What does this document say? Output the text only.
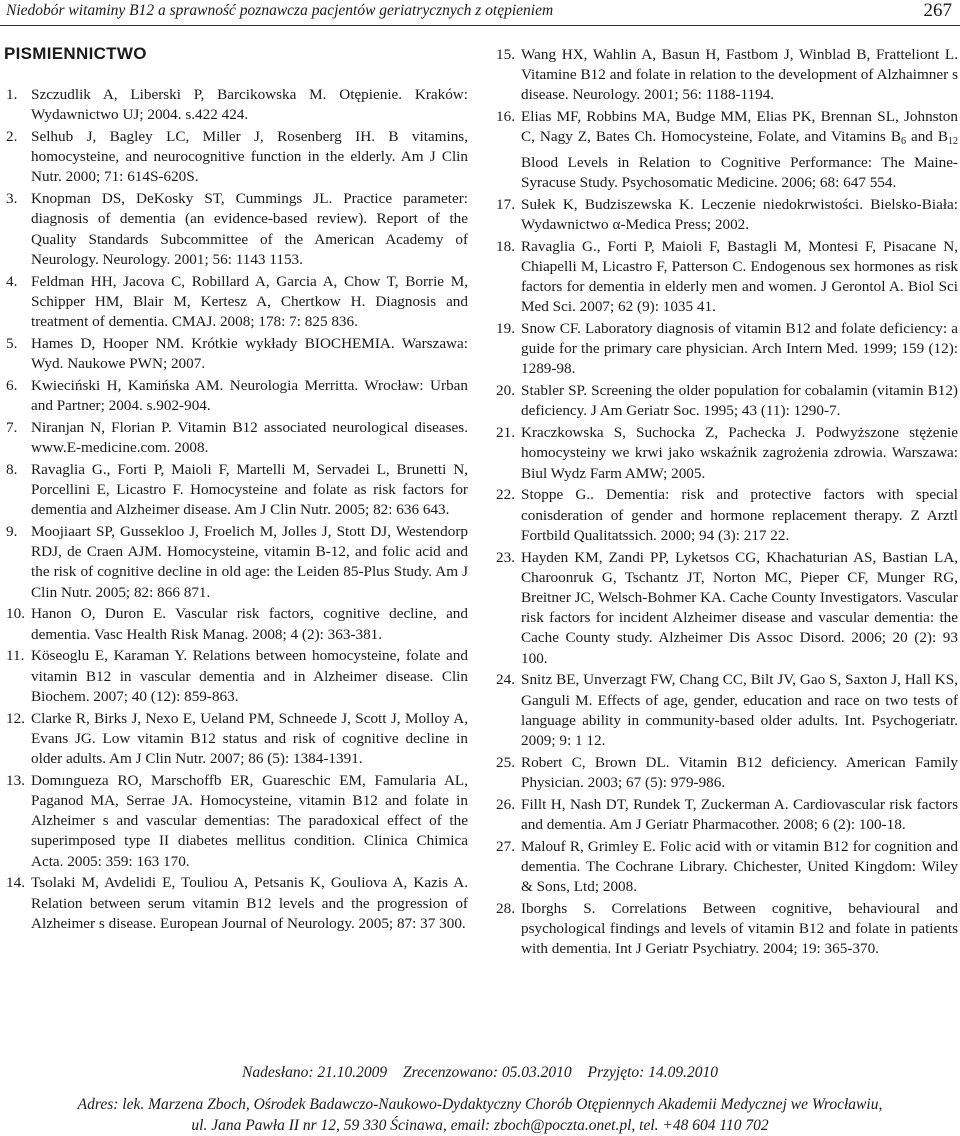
Niedobór witaminy B12 a sprawność poznawcza pacjentów geriatrycznych z otępieniem	267
PISMIENNICTWO
1. Szczudlik A, Liberski P, Barcikowska M. Otępienie. Kraków: Wydawnictwo UJ; 2004. s.422 424.
2. Selhub J, Bagley LC, Miller J, Rosenberg IH. B vitamins, homocysteine, and neurocognitive function in the elderly. Am J Clin Nutr. 2000; 71: 614S-620S.
3. Knopman DS, DeKosky ST, Cummings JL. Practice parameter: diagnosis of dementia (an evidence-based review). Report of the Quality Standards Subcommittee of the American Academy of Neurology. Neurology. 2001; 56: 1143 1153.
4. Feldman HH, Jacova C, Robillard A, Garcia A, Chow T, Borrie M, Schipper HM, Blair M, Kertesz A, Chertkow H. Diagnosis and treatment of dementia. CMAJ. 2008; 178: 7: 825 836.
5. Hames D, Hooper NM. Krótkie wykłady BIOCHEMIA. Warszawa: Wyd. Naukowe PWN; 2007.
6. Kwieciński H, Kamińska AM. Neurologia Merritta. Wrocław: Urban and Partner; 2004. s.902-904.
7. Niranjan N, Florian P. Vitamin B12 associated neurological diseases. www.E-medicine.com. 2008.
8. Ravaglia G., Forti P, Maioli F, Martelli M, Servadei L, Brunetti N, Porcellini E, Licastro F. Homocysteine and folate as risk factors for dementia and Alzheimer disease. Am J Clin Nutr. 2005; 82: 636 643.
9. Moojiaart SP, Gussekloo J, Froelich M, Jolles J, Stott DJ, Westendorp RDJ, de Craen AJM. Homocysteine, vitamin B-12, and folic acid and the risk of cognitive decline in old age: the Leiden 85-Plus Study. Am J Clin Nutr. 2005; 82: 866 871.
10. Hanon O, Duron E. Vascular risk factors, cognitive decline, and dementia. Vasc Health Risk Manag. 2008; 4 (2): 363-381.
11. Köseoglu E, Karaman Y. Relations between homocysteine, folate and vitamin B12 in vascular dementia and in Alzheimer disease. Clin Biochem. 2007; 40 (12): 859-863.
12. Clarke R, Birks J, Nexo E, Ueland PM, Schneede J, Scott J, Molloy A, Evans JG. Low vitamin B12 status and risk of cognitive decline in older adults. Am J Clin Nutr. 2007; 86 (5): 1384-1391.
13. Domıngueza RO, Marschoffb ER, Guareschic EM, Famularia AL, Paganod MA, Serrae JA. Homocysteine, vitamin B12 and folate in Alzheimer s and vascular dementias: The paradoxical effect of the superimposed type II diabetes mellitus condition. Clinica Chimica Acta. 2005: 359: 163 170.
14. Tsolaki M, Avdelidi E, Touliou A, Petsanis K, Gouliova A, Kazis A. Relation between serum vitamin B12 levels and the progression of Alzheimer s disease. European Journal of Neurology. 2005; 87: 37 300.
15. Wang HX, Wahlin A, Basun H, Fastbom J, Winblad B, Fratteliont L. Vitamine B12 and folate in relation to the development of Alzhaimner s disease. Neurology. 2001; 56: 1188-1194.
16. Elias MF, Robbins MA, Budge MM, Elias PK, Brennan SL, Johnston C, Nagy Z, Bates Ch. Homocysteine, Folate, and Vitamins $B_6$ and $B_{12}$ Blood Levels in Relation to Cognitive Performance: The Maine-Syracuse Study. Psychosomatic Medicine. 2006; 68: 647 554.
17. Sułek K, Budziszewska K. Leczenie niedokrwistości. Bielsko-Biała: Wydawnictwo α-Medica Press; 2002.
18. Ravaglia G., Forti P, Maioli F, Bastagli M, Montesi F, Pisacane N, Chiapelli M, Licastro F, Patterson C. Endogenous sex hormones as risk factors for dementia in elderly men and women. J Gerontol A. Biol Sci Med Sci. 2007; 62 (9): 1035 41.
19. Snow CF. Laboratory diagnosis of vitamin B12 and folate deficiency: a guide for the primary care physician. Arch Intern Med. 1999; 159 (12): 1289-98.
20. Stabler SP. Screening the older population for cobalamin (vitamin B12) deficiency. J Am Geriatr Soc. 1995; 43 (11): 1290-7.
21. Kraczkowska S, Suchocka Z, Pachecka J. Podwyższone stężenie homocysteiny we krwi jako wskaźnik zagrożenia zdrowia. Warszawa: Biul Wydz Farm AMW; 2005.
22. Stoppe G.. Dementia: risk and protective factors with special conisderation of gender and hormone replacement therapy. Z Arztl Fortbild Qualitatssich. 2000; 94 (3): 217 22.
23. Hayden KM, Zandi PP, Lyketsos CG, Khachaturian AS, Bastian LA, Charoonruk G, Tschantz JT, Norton MC, Pieper CF, Munger RG, Breitner JC, Welsch-Bohmer KA. Cache County Investigators. Vascular risk factors for incident Alzheimer disease and vascular dementia: the Cache County study. Alzheimer Dis Assoc Disord. 2006; 20 (2): 93 100.
24. Snitz BE, Unverzagt FW, Chang CC, Bilt JV, Gao S, Saxton J, Hall KS, Ganguli M. Effects of age, gender, education and race on two tests of language ability in community-based older adults. Int. Psychogeriatr. 2009; 9: 1 12.
25. Robert C, Brown DL. Vitamin B12 deficiency. American Family Physician. 2003; 67 (5): 979-986.
26. Fillt H, Nash DT, Rundek T, Zuckerman A. Cardiovascular risk factors and dementia. Am J Geriatr Pharmacother. 2008; 6 (2): 100-18.
27. Malouf R, Grimley E. Folic acid with or vitamin B12 for cognition and dementia. The Cochrane Library. Chichester, United Kingdom: Wiley & Sons, Ltd; 2008.
28. Iborghs S. Correlations Between cognitive, behavioural and psychological findings and levels of vitamin B12 and folate in patients with dementia. Int J Geriatr Psychiatry. 2004; 19: 365-370.
Nadesłano: 21.10.2009 Zrecenzowano: 05.03.2010 Przyjęto: 14.09.2010
Adres: lek. Marzena Zboch, Ośrodek Badawczo-Naukowo-Dydaktyczny Chorób Otępiennych Akademii Medycznej we Wrocławiu,
ul. Jana Pawła II nr 12, 59 330 Ścinawa, email: zboch@poczta.onet.pl, tel. +48 604 110 702
